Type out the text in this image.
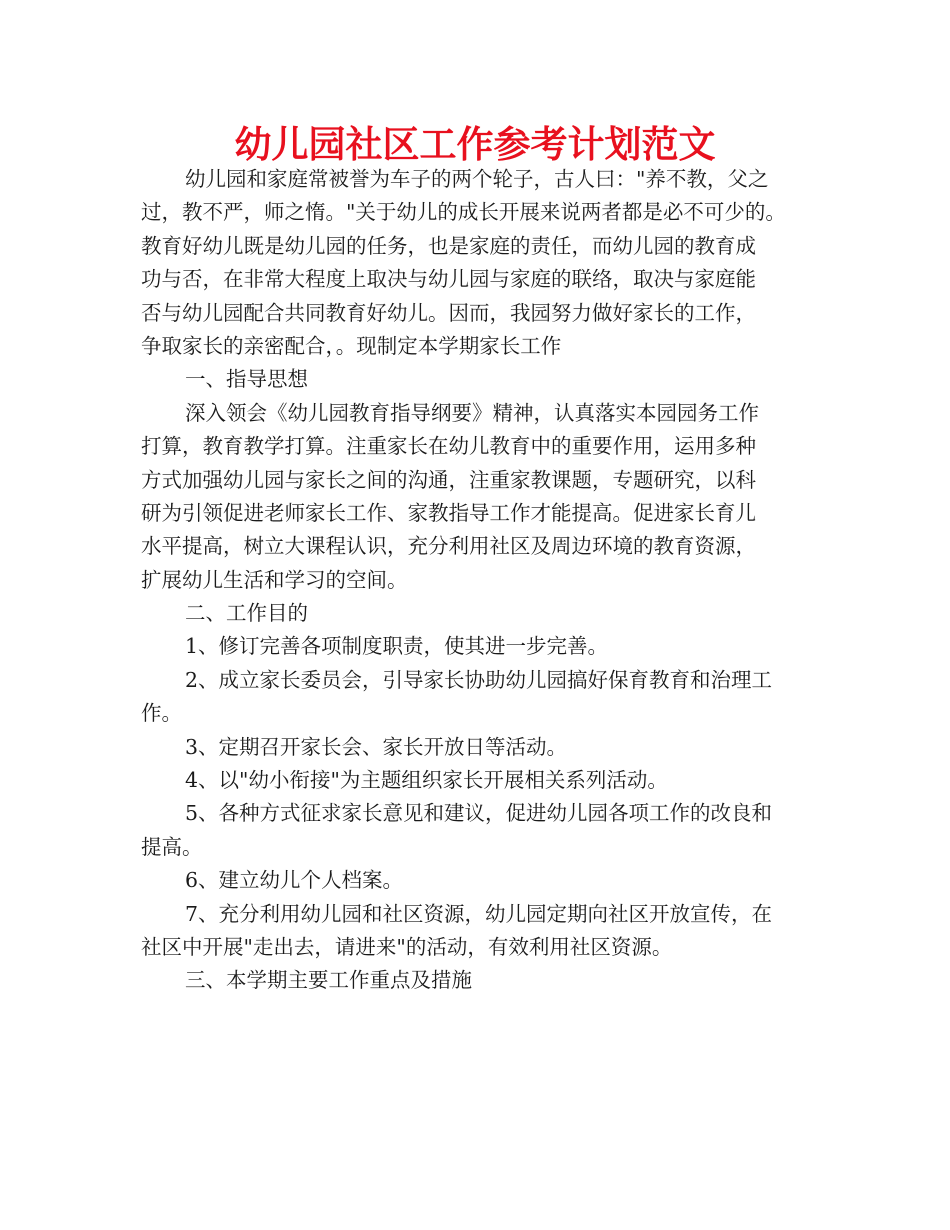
幼儿园社区工作参考计划范文
幼儿园和家庭常被誉为车子的两个轮子，古人曰："养不教，父之
过，教不严，师之惰。"关于幼儿的成长开展来说两者都是必不可少的。
教育好幼儿既是幼儿园的任务，也是家庭的责任，而幼儿园的教育成
功与否，在非常大程度上取决与幼儿园与家庭的联络，取决与家庭能
否与幼儿园配合共同教育好幼儿。因而，我园努力做好家长的工作，
争取家长的亲密配合，。现制定本学期家长工作
一、指导思想
深入领会《幼儿园教育指导纲要》精神，认真落实本园园务工作
打算，教育教学打算。注重家长在幼儿教育中的重要作用，运用多种
方式加强幼儿园与家长之间的沟通，注重家教课题，专题研究，以科
研为引领促进老师家长工作、家教指导工作才能提高。促进家长育儿
水平提高，树立大课程认识，充分利用社区及周边环境的教育资源，
扩展幼儿生活和学习的空间。
二、工作目的
1、修订完善各项制度职责，使其进一步完善。
2、成立家长委员会，引导家长协助幼儿园搞好保育教育和治理工
作。
3、定期召开家长会、家长开放日等活动。
4、以"幼小衔接"为主题组织家长开展相关系列活动。
5、各种方式征求家长意见和建议，促进幼儿园各项工作的改良和
提高。
6、建立幼儿个人档案。
7、充分利用幼儿园和社区资源，幼儿园定期向社区开放宣传，在
社区中开展"走出去，请进来"的活动，有效利用社区资源。
三、本学期主要工作重点及措施
